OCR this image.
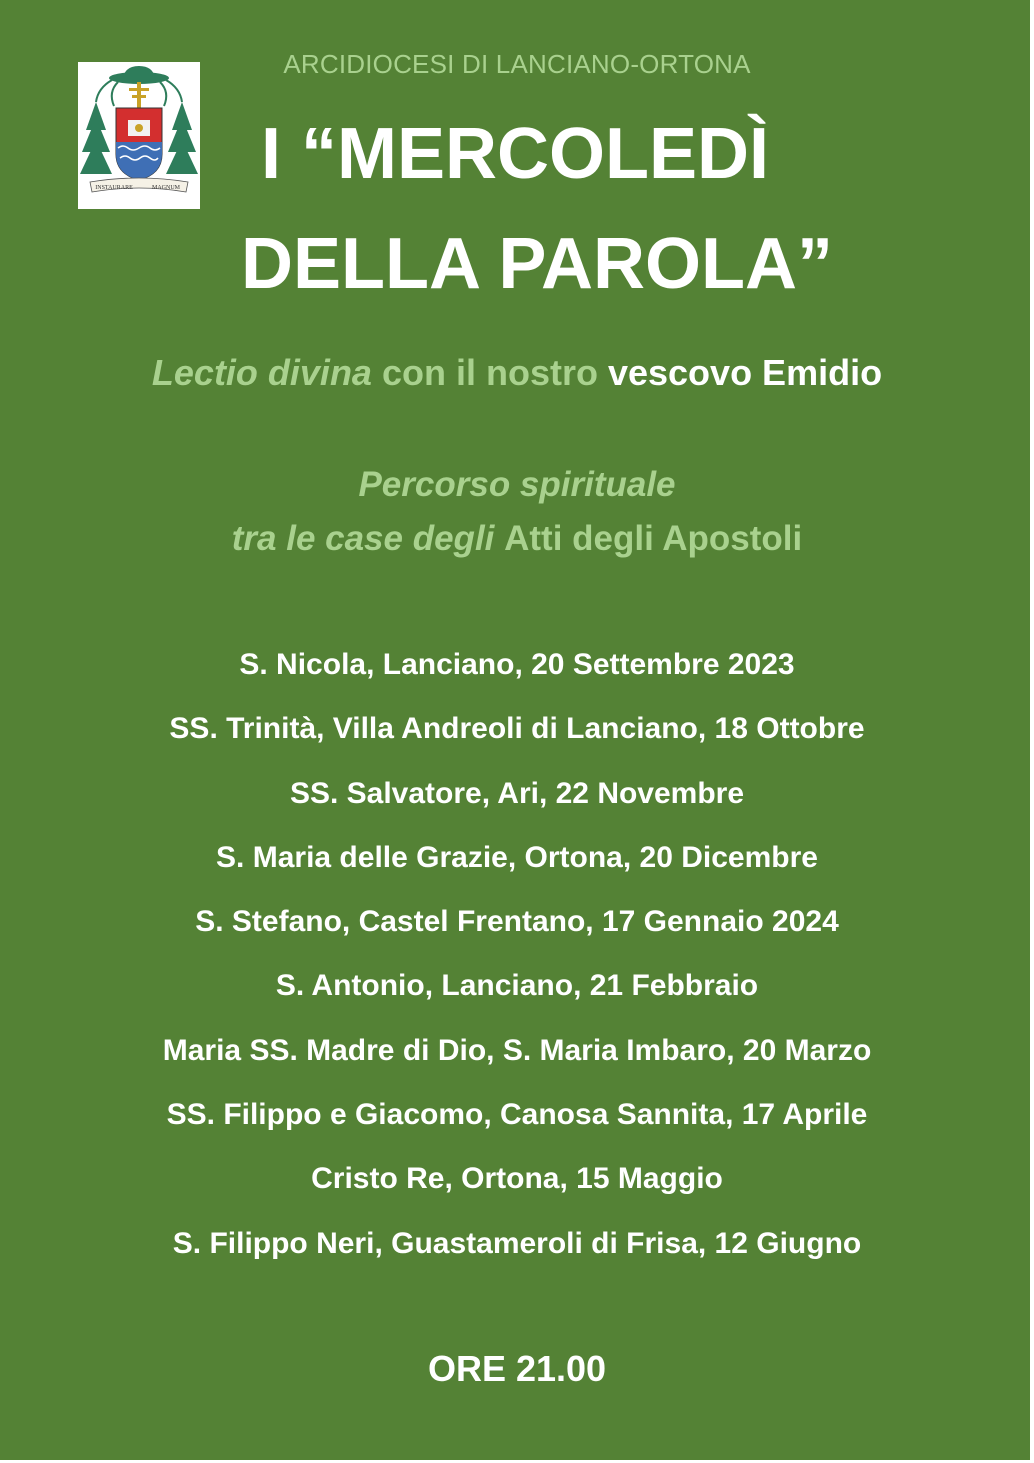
INSTAURARE	MAGNUM
ARCIDIOCESI DI LANCIANO-ORTONA
I “MERCOLEDÌ
DELLA PAROLA”
Lectio divina con il nostro vescovo Emidio
Percorso spirituale
tra le case degli Atti degli Apostoli
S. Nicola, Lanciano, 20 Settembre 2023
SS. Trinità, Villa Andreoli di Lanciano, 18 Ottobre
SS. Salvatore, Ari, 22 Novembre
S. Maria delle Grazie, Ortona, 20 Dicembre
S. Stefano, Castel Frentano, 17 Gennaio 2024
S. Antonio, Lanciano, 21 Febbraio
Maria SS. Madre di Dio, S. Maria Imbaro, 20 Marzo
SS. Filippo e Giacomo, Canosa Sannita, 17 Aprile
Cristo Re, Ortona, 15 Maggio
S. Filippo Neri, Guastameroli di Frisa, 12 Giugno
ORE 21.00
